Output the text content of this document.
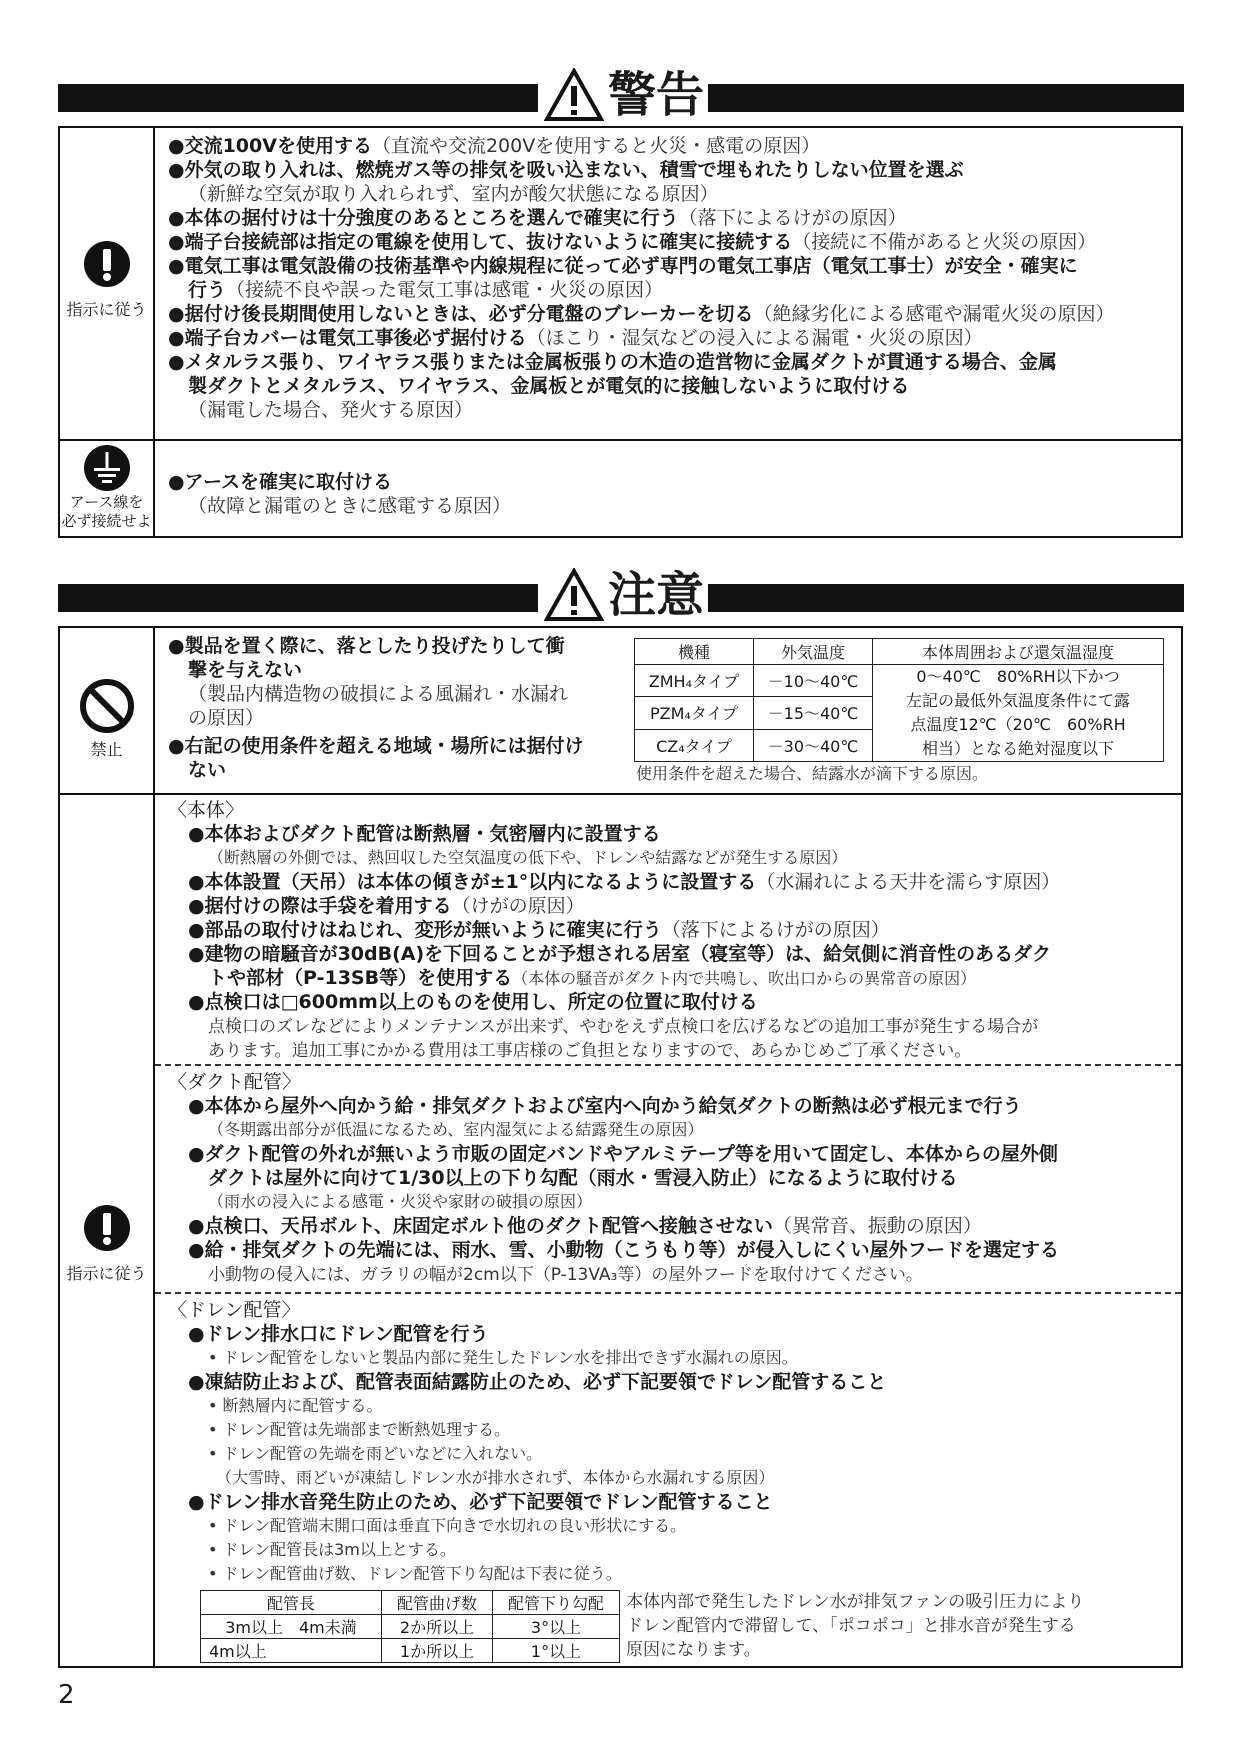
警告
指示に従う
アース線を
必ず接続せよ
●交流100Vを使用する（直流や交流200Vを使用すると火災・感電の原因）
●外気の取り入れは、燃焼ガス等の排気を吸い込まない、積雪で埋もれたりしない位置を選ぶ
（新鮮な空気が取り入れられず、室内が酸欠状態になる原因）
●本体の据付けは十分強度のあるところを選んで確実に行う（落下によるけがの原因）
●端子台接続部は指定の電線を使用して、抜けないように確実に接続する（接続に不備があると火災の原因）
●電気工事は電気設備の技術基準や内線規程に従って必ず専門の電気工事店（電気工事士）が安全・確実に
行う（接続不良や誤った電気工事は感電・火災の原因）
●据付け後長期間使用しないときは、必ず分電盤のブレーカーを切る（絶縁劣化による感電や漏電火災の原因）
●端子台カバーは電気工事後必ず据付ける（ほこり・湿気などの浸入による漏電・火災の原因）
●メタルラス張り、ワイヤラス張りまたは金属板張りの木造の造営物に金属ダクトが貫通する場合、金属
製ダクトとメタルラス、ワイヤラス、金属板とが電気的に接触しないように取付ける
（漏電した場合、発火する原因）
●アースを確実に取付ける
（故障と漏電のときに感電する原因）
注意
禁止
指示に従う
●製品を置く際に、落としたり投げたりして衝
撃を与えない
（製品内構造物の破損による風漏れ・水漏れ
の原因）
●右記の使用条件を超える地域・場所には据付け
ない
機種	外気温度	本体周囲および還気温湿度
ZMH₄タイプ	－10～40℃	0～40℃　80%RH以下かつ
左記の最低外気温度条件にて露
点温度12℃（20℃　60%RH
相当）となる絶対湿度以下

PZM₄タイプ	－15～40℃	
CZ₄タイプ	－30～40℃	
使用条件を超えた場合、結露水が滴下する原因。
〈本体〉
●本体およびダクト配管は断熱層・気密層内に設置する
（断熱層の外側では、熱回収した空気温度の低下や、ドレンや結露などが発生する原因）
●本体設置（天吊）は本体の傾きが±1°以内になるように設置する（水漏れによる天井を濡らす原因）
●据付けの際は手袋を着用する（けがの原因）
●部品の取付けはねじれ、変形が無いように確実に行う（落下によるけがの原因）
●建物の暗騒音が30dB(A)を下回ることが予想される居室（寝室等）は、給気側に消音性のあるダク
トや部材（P-13SB等）を使用する（本体の騒音がダクト内で共鳴し、吹出口からの異常音の原因）
●点検口は□600mm以上のものを使用し、所定の位置に取付ける
点検口のズレなどによりメンテナンスが出来ず、やむをえず点検口を広げるなどの追加工事が発生する場合が
あります。追加工事にかかる費用は工事店様のご負担となりますので、あらかじめご了承ください。
〈ダクト配管〉
●本体から屋外へ向かう給・排気ダクトおよび室内へ向かう給気ダクトの断熱は必ず根元まで行う
（冬期露出部分が低温になるため、室内湿気による結露発生の原因）
●ダクト配管の外れが無いよう市販の固定バンドやアルミテープ等を用いて固定し、本体からの屋外側
ダクトは屋外に向けて1/30以上の下り勾配（雨水・雪浸入防止）になるように取付ける
（雨水の浸入による感電・火災や家財の破損の原因）
●点検口、天吊ボルト、床固定ボルト他のダクト配管へ接触させない（異常音、振動の原因）
●給・排気ダクトの先端には、雨水、雪、小動物（こうもり等）が侵入しにくい屋外フードを選定する
小動物の侵入には、ガラリの幅が2cm以下（P-13VA₃等）の屋外フードを取付けてください。
〈ドレン配管〉
●ドレン排水口にドレン配管を行う
• ドレン配管をしないと製品内部に発生したドレン水を排出できず水漏れの原因。
●凍結防止および、配管表面結露防止のため、必ず下記要領でドレン配管すること
• 断熱層内に配管する。
• ドレン配管は先端部まで断熱処理する。
• ドレン配管の先端を雨どいなどに入れない。
（大雪時、雨どいが凍結しドレン水が排水されず、本体から水漏れする原因）
●ドレン排水音発生防止のため、必ず下記要領でドレン配管すること
• ドレン配管端末開口面は垂直下向きで水切れの良い形状にする。
• ドレン配管長は3m以上とする。
• ドレン配管曲げ数、ドレン配管下り勾配は下表に従う。
配管長	配管曲げ数	配管下り勾配
3m以上　4m未満	2か所以上	3°以上
4m以上	1か所以上	1°以上
本体内部で発生したドレン水が排気ファンの吸引圧力により
ドレン配管内で滞留して、「ポコポコ」と排水音が発生する
原因になります。
2
